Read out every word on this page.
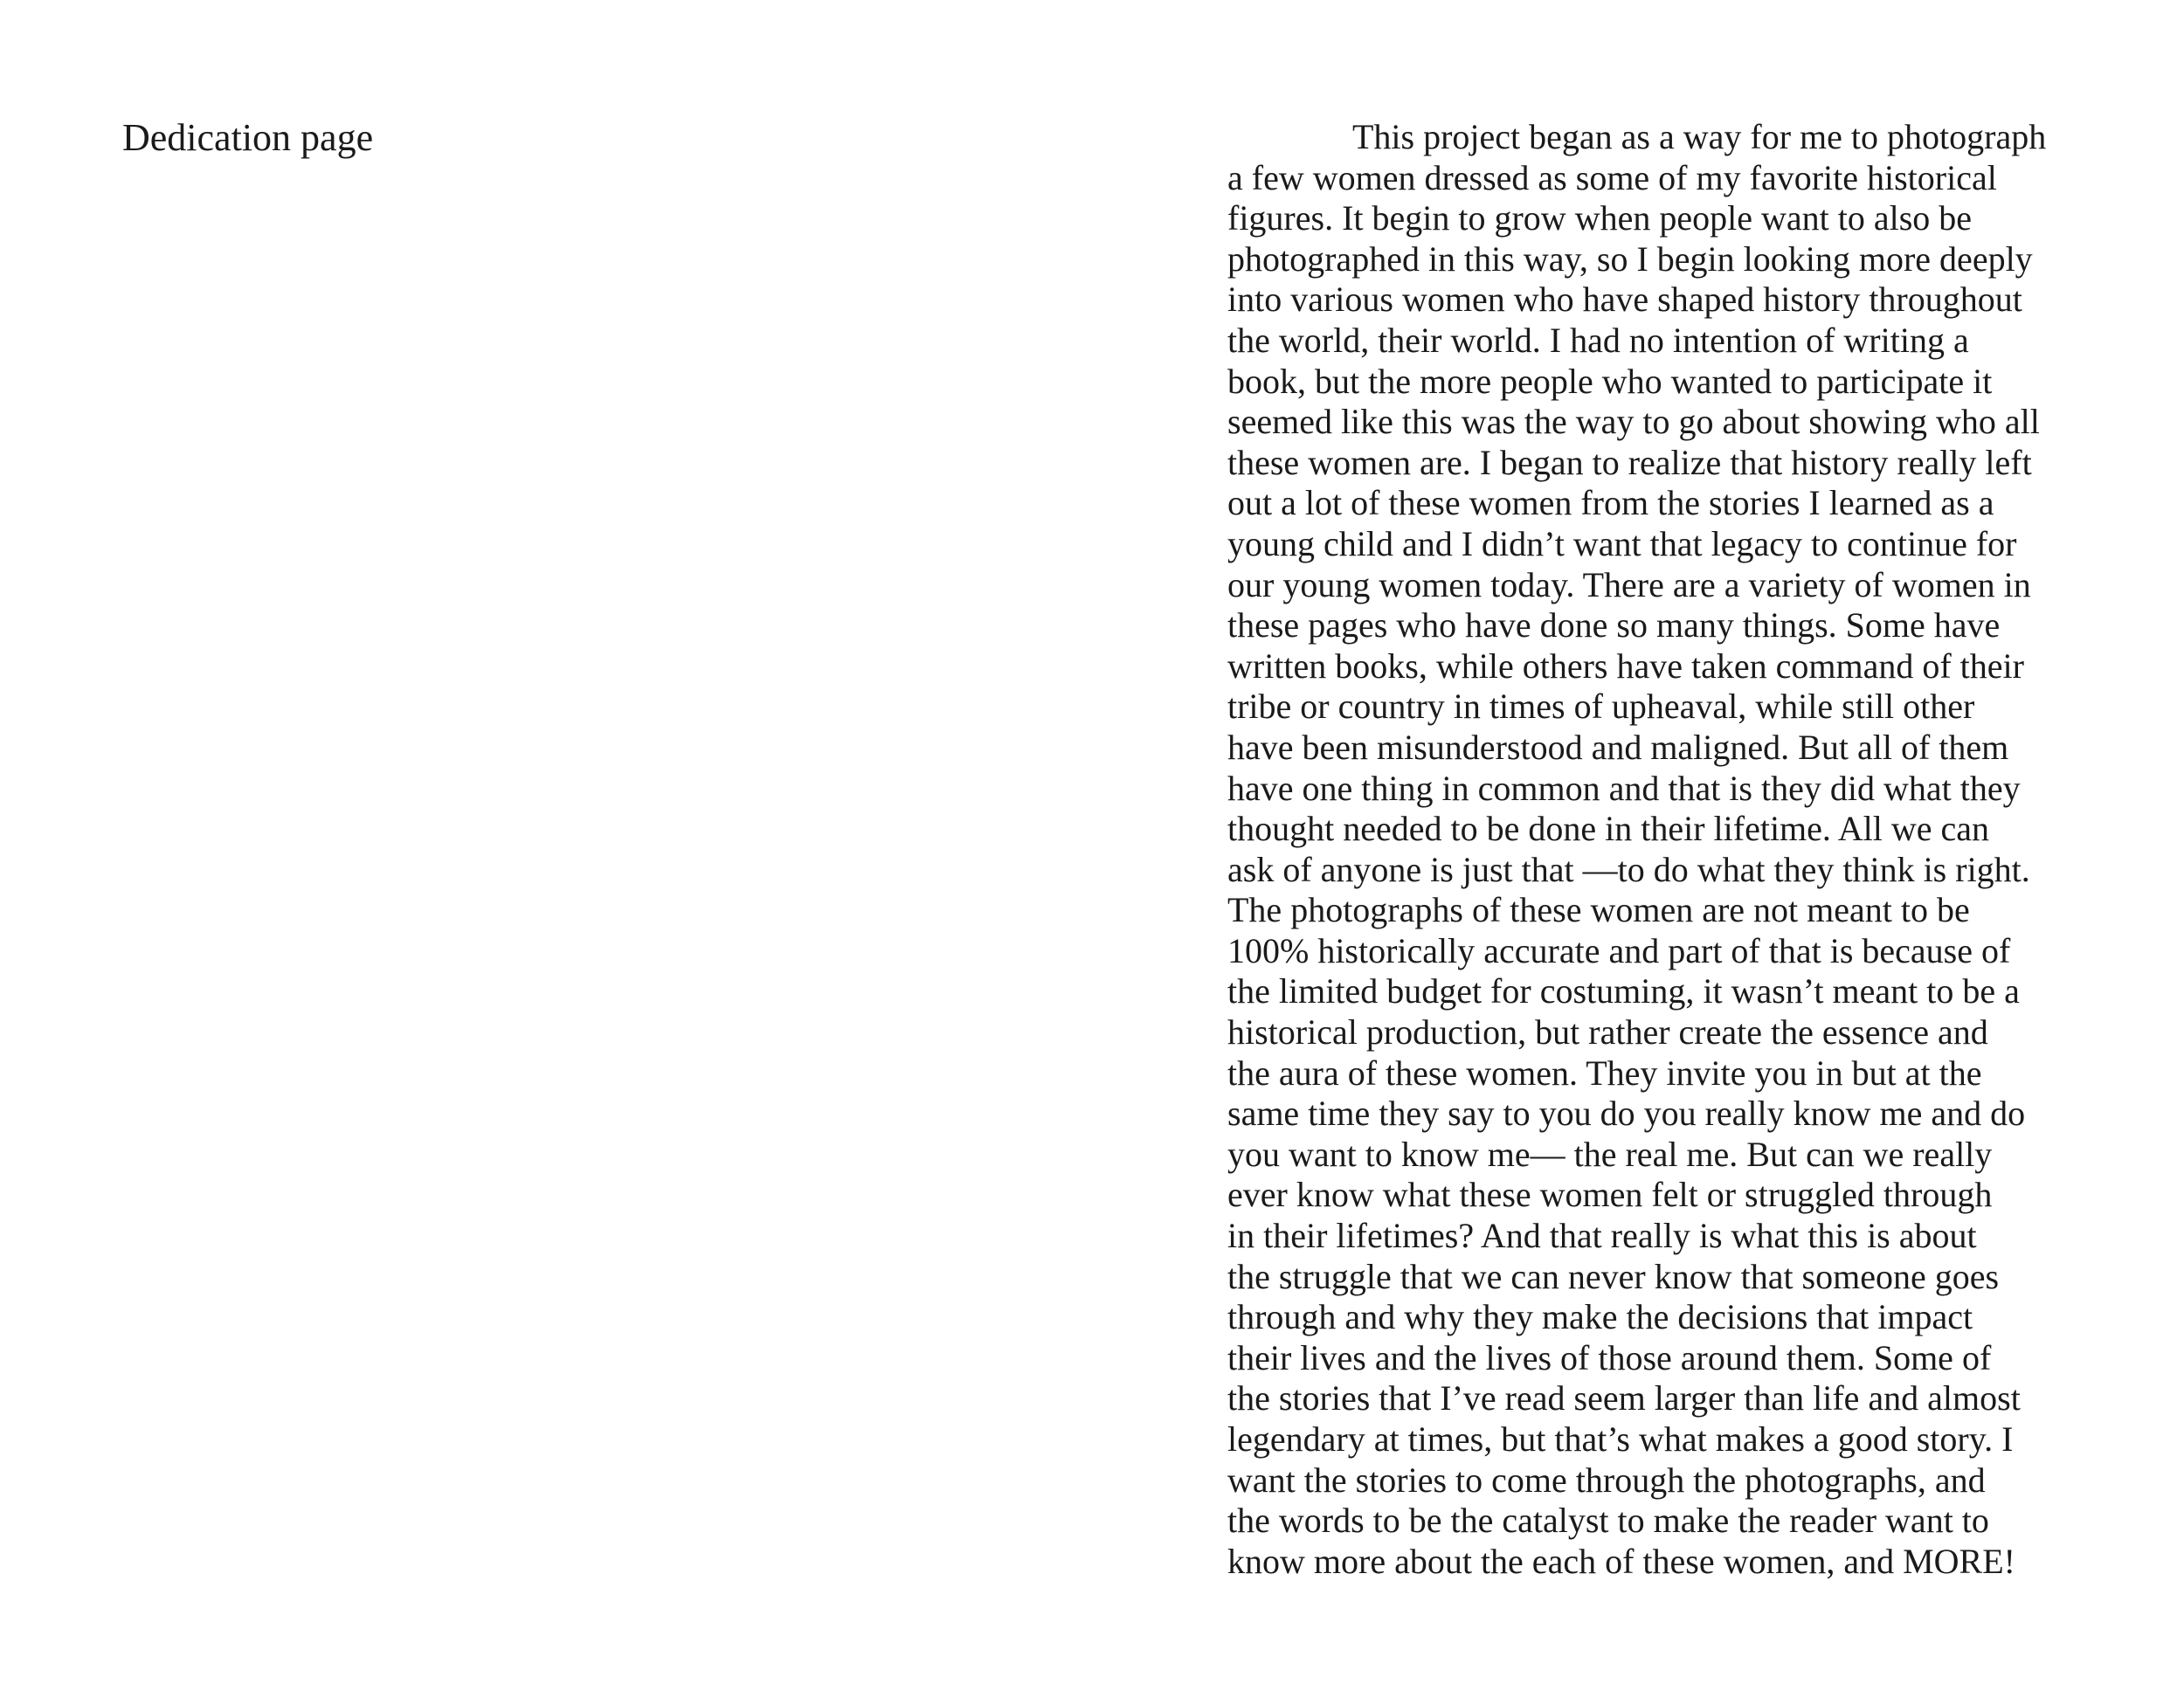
Dedication page	This project began as a way for me to photograph
a few women dressed as some of my favorite historical
figures. It begin to grow when people want to also be
photographed in this way, so I begin looking more deeply
into various women who have shaped history throughout
the world, their world. I had no intention of writing a
book, but the more people who wanted to participate it
seemed like this was the way to go about showing who all
these women are. I began to realize that history really left
out a lot of these women from the stories I learned as a
young child and I didn’t want that legacy to continue for
our young women today. There are a variety of women in
these pages who have done so many things. Some have
written books, while others have taken command of their
tribe or country in times of upheaval, while still other
have been misunderstood and maligned. But all of them
have one thing in common and that is they did what they
thought needed to be done in their lifetime. All we can
ask of anyone is just that —to do what they think is right.
The photographs of these women are not meant to be
100% historically accurate and part of that is because of
the limited budget for costuming, it wasn’t meant to be a
historical production, but rather create the essence and
the aura of these women. They invite you in but at the
same time they say to you do you really know me and do
you want to know me— the real me. But can we really
ever know what these women felt or struggled through
in their lifetimes? And that really is what this is about
the struggle that we can never know that someone goes
through and why they make the decisions that impact
their lives and the lives of those around them. Some of
the stories that I’ve read seem larger than life and almost
legendary at times, but that’s what makes a good story. I
want the stories to come through the photographs, and
the words to be the catalyst to make the reader want to
know more about the each of these women, and MORE!
